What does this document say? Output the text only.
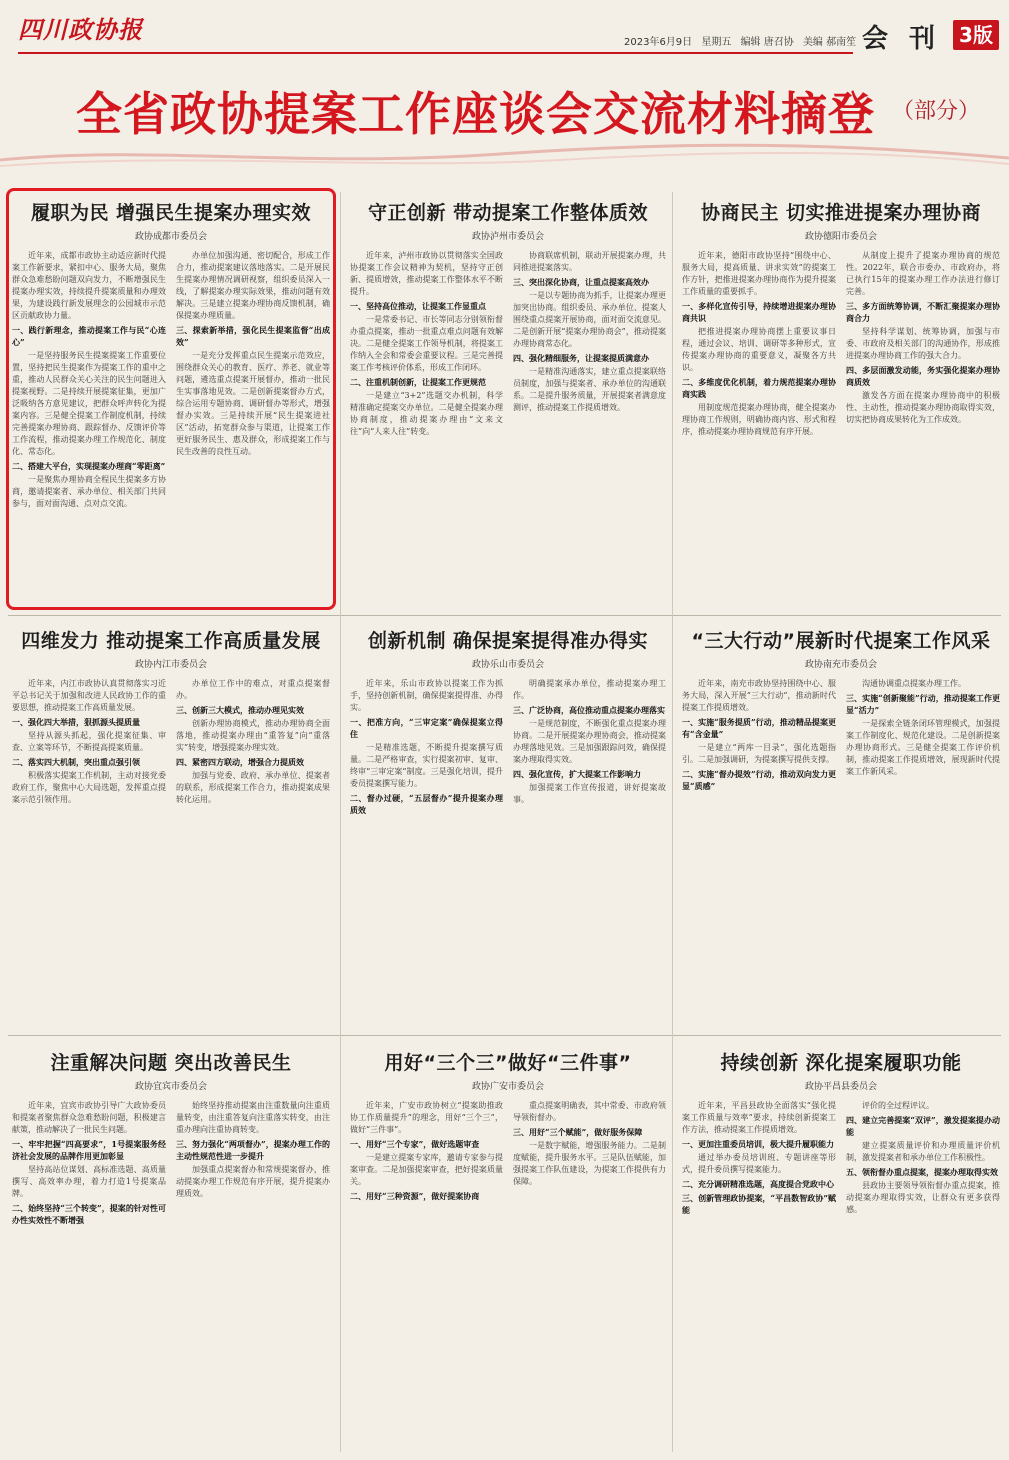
四川政协报	2023年6月9日 星期五 编辑 唐召协 美编 郝南笙 会 刊 3版
全省政协提案工作座谈会交流材料摘登 （部分）
履职为民 增强民生提案办理实效
政协成都市委员会

近年来，成都市政协主动适应新时代提案工作新要求，紧扣中心、服务大局，聚焦群众急难愁盼问题双向发力，不断增强民生提案办理实效，持续提升提案质量和办理效果，为建设践行新发展理念的公园城市示范区贡献政协力量。

一、践行新理念，推动提案工作与民“心连心”

一是坚持服务民生提案提案工作重要位置，坚持把民生提案作为提案工作的重中之重，推动人民群众关心关注的民生问题进入提案视野。二是持续开展提案征集，更加广泛吸纳各方意见建议，把群众呼声转化为提案内容。三是健全提案工作制度机制，持续完善提案办理协商、跟踪督办、反馈评价等工作流程，推动提案办理工作规范化、制度化、常态化。

二、搭建大平台，实现提案办理商“零距离”

一是聚焦办理协商全程民生提案多方协商，邀请提案者、承办单位、相关部门共同参与，面对面沟通、点对点交流。

办单位加强沟通、密切配合，形成工作合力，推动提案建议落地落实。二是开展民生提案办理情况调研视察，组织委员深入一线，了解提案办理实际效果，推动问题有效解决。三是建立提案办理协商反馈机制，确保提案办理质量。

三、探索新举措，强化民生提案监督“出成效”

一是充分发挥重点民生提案示范效应，围绕群众关心的教育、医疗、养老、就业等问题，遴选重点提案开展督办，推动一批民生实事落地见效。二是创新提案督办方式，综合运用专题协商、调研督办等形式，增强督办实效。三是持续开展“民生提案进社区”活动，拓宽群众参与渠道，让提案工作更好服务民生、惠及群众，形成提案工作与民生改善的良性互动。

守正创新 带动提案工作整体质效
政协泸州市委员会

近年来，泸州市政协以贯彻落实全国政协提案工作会议精神为契机，坚持守正创新、提质增效，推动提案工作整体水平不断提升。

一、坚持高位推动，让提案工作显重点

一是常委书记、市长等同志分别领衔督办重点提案，推动一批重点难点问题有效解决。二是健全提案工作领导机制，将提案工作纳入全会和常委会重要议程。三是完善提案工作考核评价体系，形成工作闭环。

二、注重机制创新，让提案工作更规范

一是建立“3+2”选题交办机制，科学精准确定提案交办单位。二是健全提案办理协商制度，推动提案办理由“文来文往”向“人来人往”转变。

协商联席机制，联动开展提案办理，共同推进提案落实。

三、突出深化协商，让重点提案高效办

一是以专题协商为抓手，让提案办理更加突出协商。组织委员、承办单位、提案人围绕重点提案开展协商，面对面交流意见。二是创新开展“提案办理协商会”，推动提案办理协商常态化。

四、强化精细服务，让提案提质满意办

一是精准沟通落实，建立重点提案联络员制度，加强与提案者、承办单位的沟通联系。二是提升服务质量，开展提案者满意度测评，推动提案工作提质增效。

协商民主 切实推进提案办理协商
政协德阳市委员会

近年来，德阳市政协坚持“围绕中心、服务大局，提高质量、讲求实效”的提案工作方针，把推进提案办理协商作为提升提案工作质量的重要抓手。

一、多样化宣传引导，持续增进提案办理协商共识

把推进提案办理协商摆上重要议事日程，通过会议、培训、调研等多种形式，宣传提案办理协商的重要意义，凝聚各方共识。

二、多维度优化机制，着力规范提案办理协商实践

用制度规范提案办理协商，健全提案办理协商工作规则，明确协商内容、形式和程序，推动提案办理协商规范有序开展。

从制度上提升了提案办理协商的规范性。2022年，联合市委办、市政府办，将已执行15年的提案办理工作办法进行修订完善。

三、多方面统筹协调，不断汇聚提案办理协商合力

坚持科学谋划、统筹协调，加强与市委、市政府及相关部门的沟通协作，形成推进提案办理协商工作的强大合力。

四、多层面激发动能，务实强化提案办理协商质效

激发各方面在提案办理协商中的积极性、主动性，推动提案办理协商取得实效，切实把协商成果转化为工作成效。

四维发力 推动提案工作高质量发展
政协内江市委员会

近年来，内江市政协认真贯彻落实习近平总书记关于加强和改进人民政协工作的重要思想，推动提案工作高质量发展。

一、强化四大举措，狠抓源头提质量

坚持从源头抓起，强化提案征集、审查、立案等环节，不断提高提案质量。

二、落实四大机制，突出重点强引领

积极落实提案工作机制，主动对接党委政府工作，聚焦中心大局选题，发挥重点提案示范引领作用。

办单位工作中的难点，对重点提案督办。

三、创新三大模式，推动办理见实效

创新办理协商模式，推动办理协商全面落地，推动提案办理由“重答复”向“重落实”转变，增强提案办理实效。

四、紧密四方联动，增强合力提质效

加强与党委、政府、承办单位、提案者的联系，形成提案工作合力，推动提案成果转化运用。

创新机制 确保提案提得准办得实
政协乐山市委员会

近年来，乐山市政协以提案工作为抓手，坚持创新机制，确保提案提得准、办得实。

一、把准方向，“三审定案”确保提案立得住

一是精准选题，不断提升提案撰写质量。二是严格审查，实行提案初审、复审、终审“三审定案”制度。三是强化培训，提升委员提案撰写能力。

二、督办过硬，“五层督办”提升提案办理质效

明确提案承办单位，推动提案办理工作。

三、广泛协商，高位推动重点提案办理落实

一是规范制度，不断强化重点提案办理协商。二是开展提案办理协商会，推动提案办理落地见效。三是加强跟踪问效，确保提案办理取得实效。

四、强化宣传，扩大提案工作影响力

加强提案工作宣传报道，讲好提案故事。

“三大行动”展新时代提案工作风采
政协南充市委员会

近年来，南充市政协坚持围绕中心、服务大局，深入开展“三大行动”，推动新时代提案工作提质增效。

一、实施“服务提质”行动，推动精品提案更有“含金量”

一是建立“两库一目录”，强化选题指引。二是加强调研，为提案撰写提供支撑。

二、实施“督办提效”行动，推动双向发力更显“质感”

沟通协调重点提案办理工作。

三、实施“创新聚能”行动，推动提案工作更显“活力”

一是探索全链条闭环管理模式，加强提案工作制度化、规范化建设。二是创新提案办理协商形式。三是健全提案工作评价机制，推动提案工作提质增效，展现新时代提案工作新风采。

注重解决问题 突出改善民生
政协宜宾市委员会

近年来，宜宾市政协引导广大政协委员和提案者聚焦群众急难愁盼问题，积极建言献策，推动解决了一批民生问题。

一、牢牢把握“四高要求”，1号提案服务经济社会发展的品牌作用更加彰显

坚持高站位谋划、高标准选题、高质量撰写、高效率办理，着力打造1号提案品牌。

二、始终坚持“三个转变”，提案的针对性可办性实效性不断增强

始终坚持推动提案由注重数量向注重质量转变，由注重答复向注重落实转变，由注重办理向注重协商转变。

三、努力强化“两项督办”，提案办理工作的主动性规范性进一步提升

加强重点提案督办和常规提案督办，推动提案办理工作规范有序开展，提升提案办理质效。

用好“三个三”做好“三件事”
政协广安市委员会

近年来，广安市政协树立“提案助推政协工作质量提升”的理念，用好“三个三”，做好“三件事”。

一、用好“三个专家”，做好选题审查

一是建立提案专家库，邀请专家参与提案审查。二是加强提案审查，把好提案质量关。

二、用好“三种资源”，做好提案协商

重点提案明确表，其中常委、市政府领导领衔督办。

三、用好“三个赋能”，做好服务保障

一是数字赋能，增强服务能力。二是制度赋能，提升服务水平。三是队伍赋能，加强提案工作队伍建设，为提案工作提供有力保障。

持续创新 深化提案履职功能
政协平昌县委员会

近年来，平昌县政协全面落实“强化提案工作质量与效率”要求，持续创新提案工作方法，推动提案工作提质增效。

一、更加注重委员培训，极大提升履职能力

通过举办委员培训班、专题讲座等形式，提升委员撰写提案能力。

二、充分调研精准选题，高度提合党政中心

三、创新管理政协提案，“平昌数智政协”赋能

评价的全过程评议。

四、建立完善提案“双评”，激发提案提办动能

建立提案质量评价和办理质量评价机制，激发提案者和承办单位工作积极性。

五、领衔督办重点提案，提案办理取得实效

县政协主要领导领衔督办重点提案，推动提案办理取得实效，让群众有更多获得感。
